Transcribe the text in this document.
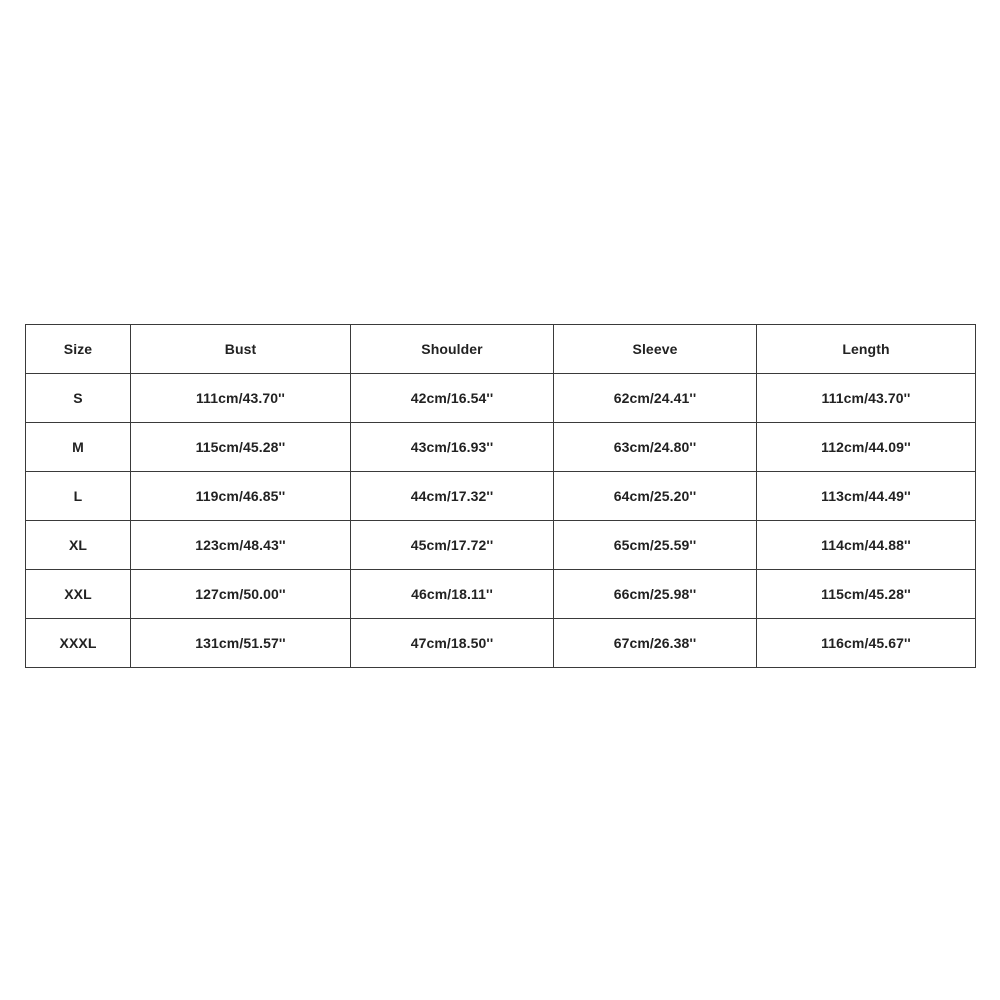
Size	Bust	Shoulder	Sleeve	Length
S	111cm/43.70''	42cm/16.54''	62cm/24.41''	111cm/43.70''
M	115cm/45.28''	43cm/16.93''	63cm/24.80''	112cm/44.09''
L	119cm/46.85''	44cm/17.32''	64cm/25.20''	113cm/44.49''
XL	123cm/48.43''	45cm/17.72''	65cm/25.59''	114cm/44.88''
XXL	127cm/50.00''	46cm/18.11''	66cm/25.98''	115cm/45.28''
XXXL	131cm/51.57''	47cm/18.50''	67cm/26.38''	116cm/45.67''
